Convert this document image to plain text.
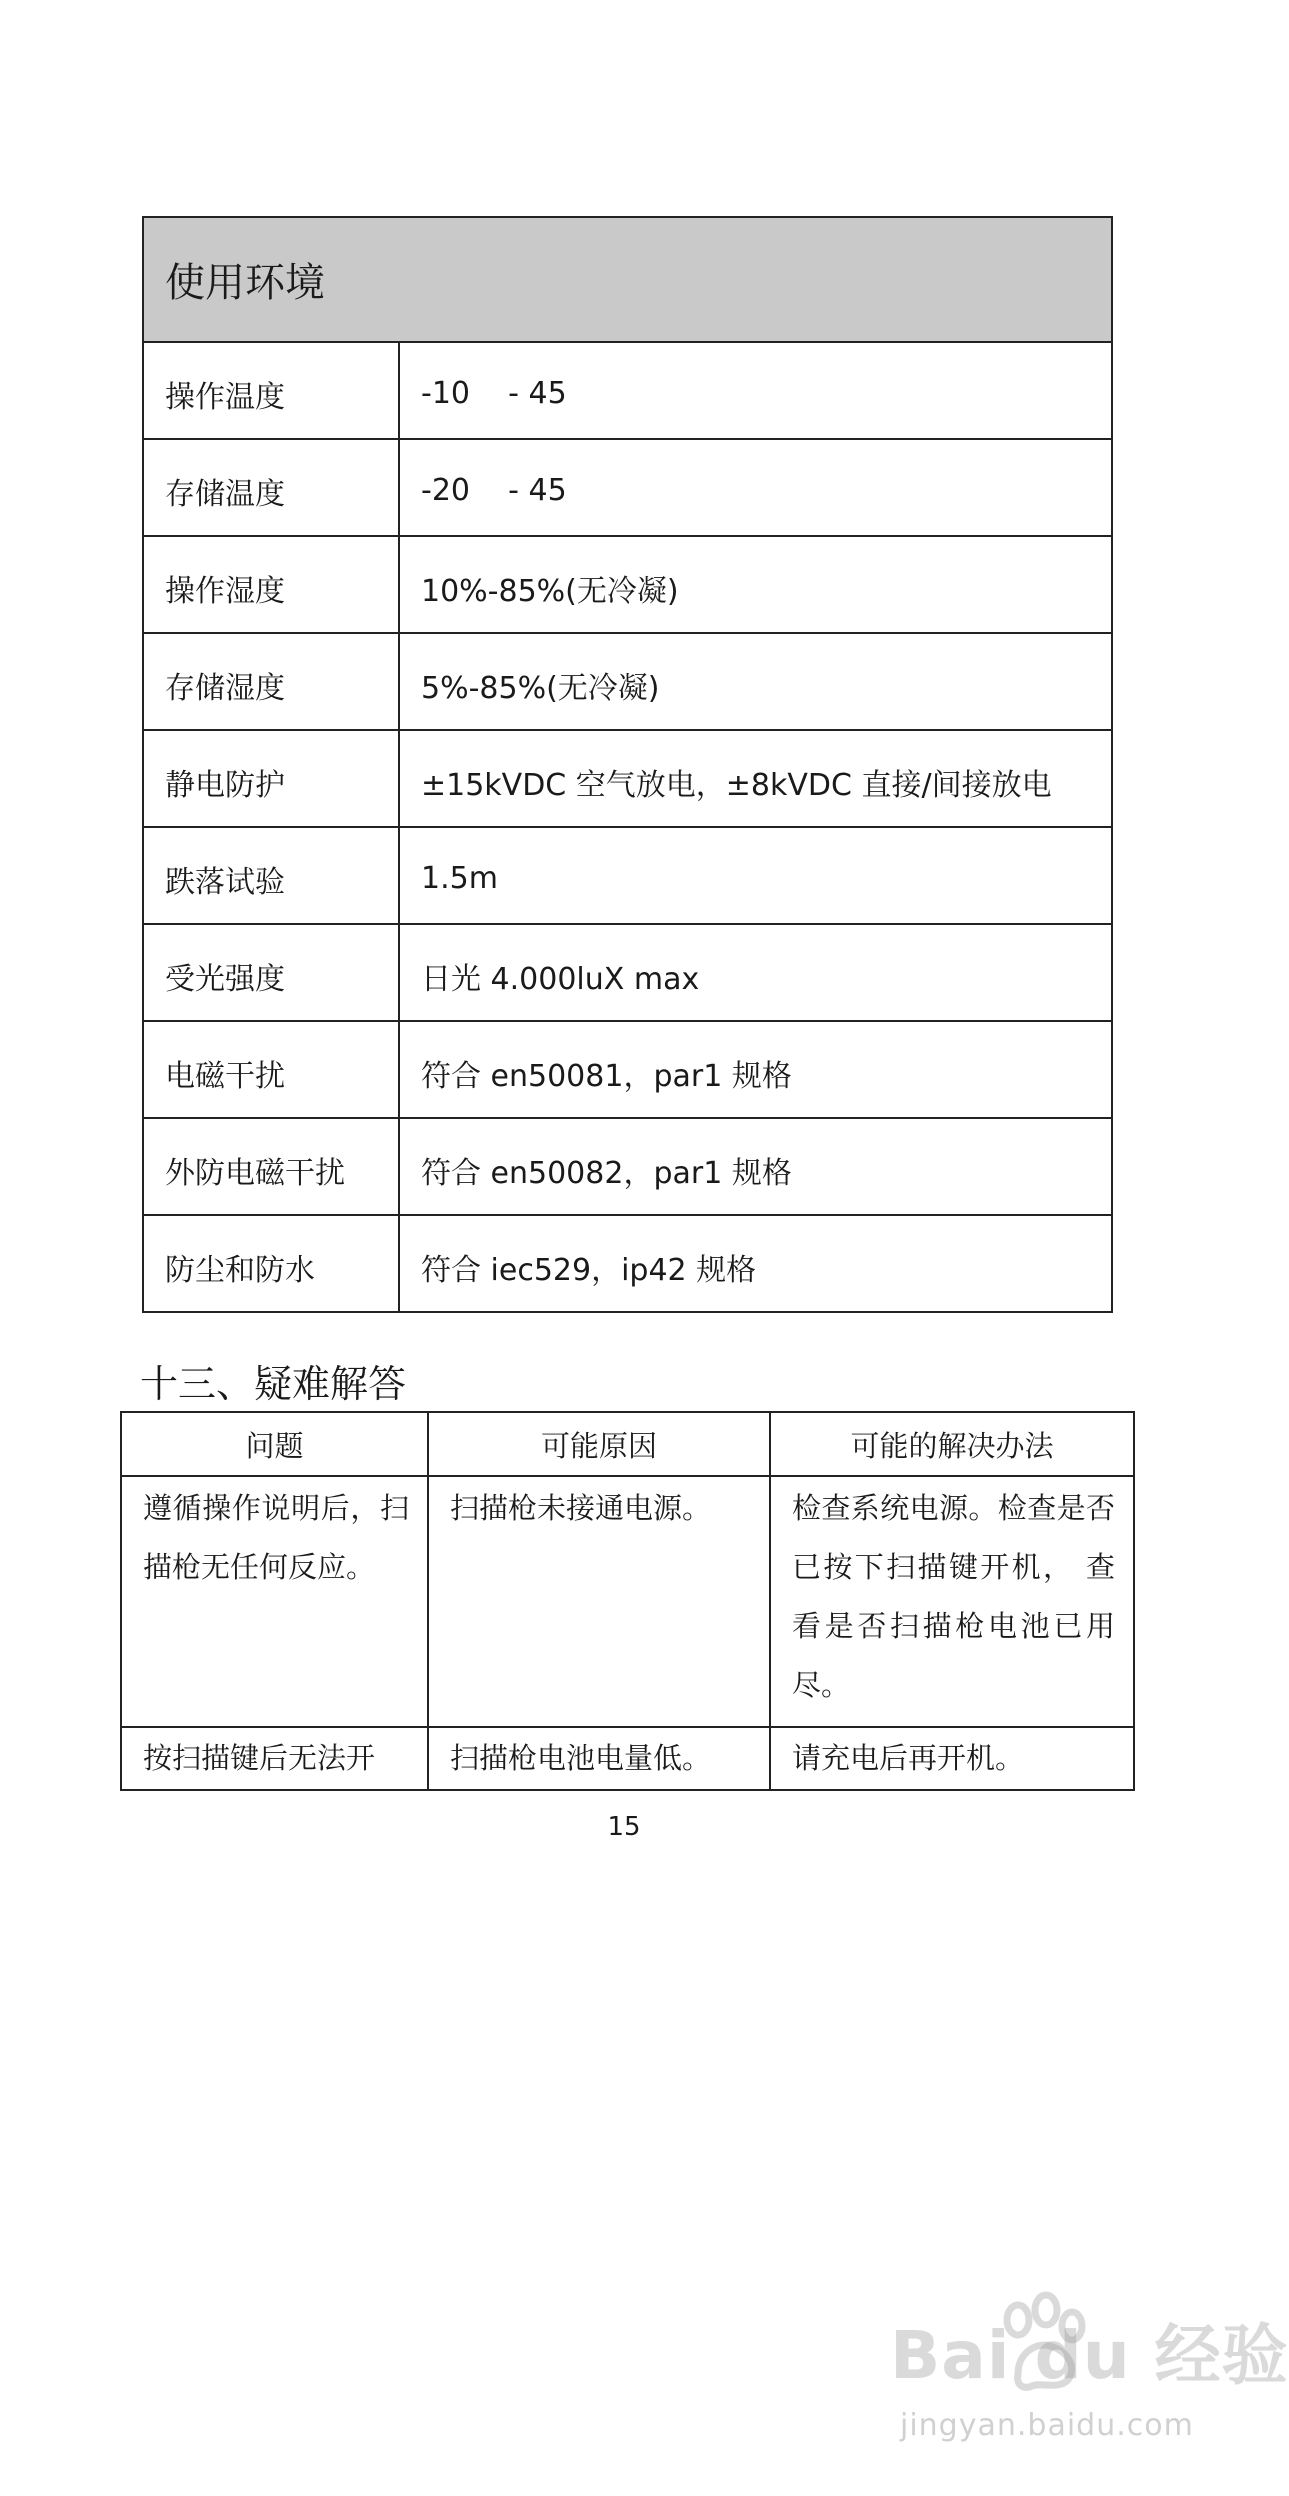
使用环境	
操作温度	-10    - 45
存储温度	-20    - 45
操作湿度	10%-85%(无冷凝)
存储湿度	5%-85%(无冷凝)
静电防护	±15kVDC 空气放电，±8kVDC 直接/间接放电
跌落试验	1.5m
受光强度	日光 4.000luX max
电磁干扰	符合 en50081，par1 规格
外防电磁干扰	符合 en50082，par1 规格
防尘和防水	符合 iec529，ip42 规格
十三、疑难解答
问题	可能原因	可能的解决办法
遵循操作说明后，扫描枪无任何反应。	扫描枪未接通电源。	检查系统电源。检查是否已按下扫描键开机， 查看是否扫描枪电池已用尽。
按扫描键后无法开	扫描枪电池电量低。	请充电后再开机。
15
Bai du 经验
jingyan.baidu.com
